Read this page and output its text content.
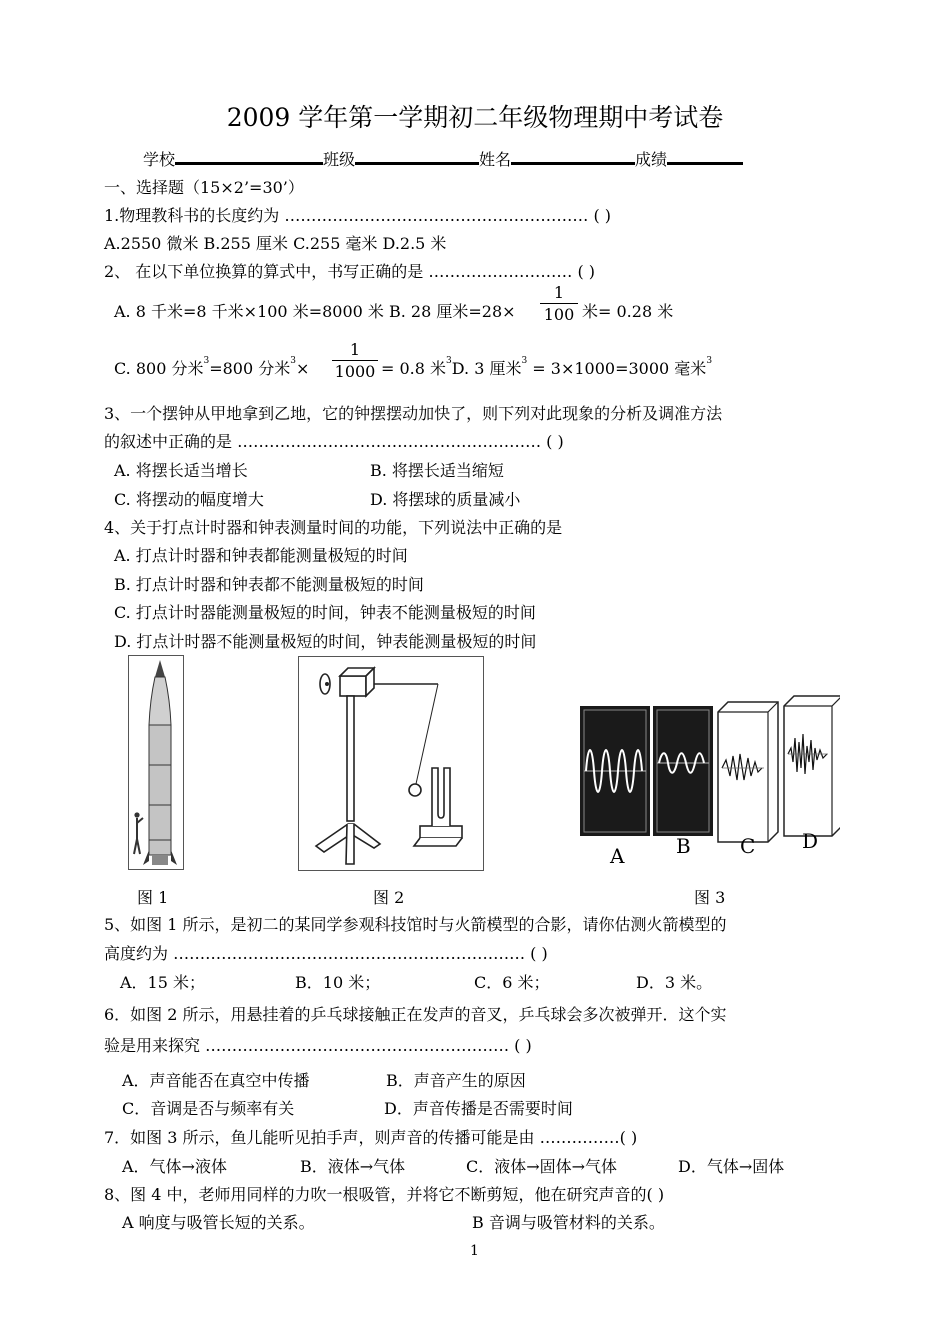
2009 学年第一学期初二年级物理期中考试卷
学校	班级	姓名	成绩
一、选择题（15×2’=30’）
1.物理教科书的长度约为 ………………………………………………… ( )
A.2550 微米 B.255 厘米 C.255 毫米 D.2.5 米
2、 在以下单位换算的算式中，书写正确的是 ……………………… ( )
A. 8 千米=8 千米×100 米=8000 米 B. 28 厘米=28×
1
100 米= 0.28 米
C. 800 分米$^3$=800 分米$^3$×
1
1000 = 0.8 米$^3$D. 3 厘米$^3$ = 3×1000=3000 毫米$^3$
3、一个摆钟从甲地拿到乙地，它的钟摆摆动加快了，则下列对此现象的分析及调准方法
的叙述中正确的是 ………………………………………………… ( )
A. 将摆长适当增长	B. 将摆长适当缩短
C. 将摆动的幅度增大	D. 将摆球的质量减小
4、关于打点计时器和钟表测量时间的功能，下列说法中正确的是
A. 打点计时器和钟表都能测量极短的时间
B. 打点计时器和钟表都不能测量极短的时间
C. 打点计时器能测量极短的时间，钟表不能测量极短的时间
D. 打点计时器不能测量极短的时间，钟表能测量极短的时间
A	B C D
图 1	图 2	图 3
5、如图 1 所示，是初二的某同学参观科技馆时与火箭模型的合影，请你估测火箭模型的
高度约为 ………………………………………………………… ( )
A．15 米；	B．10 米；	C．6 米；	D．3 米。
6．如图 2 所示，用悬挂着的乒乓球接触正在发声的音叉，乒乓球会多次被弹开．这个实
验是用来探究 ………………………………………………… ( )
A．声音能否在真空中传播	B．声音产生的原因
C．音调是否与频率有关	D．声音传播是否需要时间
7．如图 3 所示，鱼儿能听见拍手声，则声音的传播可能是由 ……………( )
A．气体→液体	B．液体→气体	C．液体→固体→气体	D．气体→固体
8、图 4 中，老师用同样的力吹一根吸管，并将它不断剪短，他在研究声音的( )
A 响度与吸管长短的关系。	B 音调与吸管材料的关系。
1
